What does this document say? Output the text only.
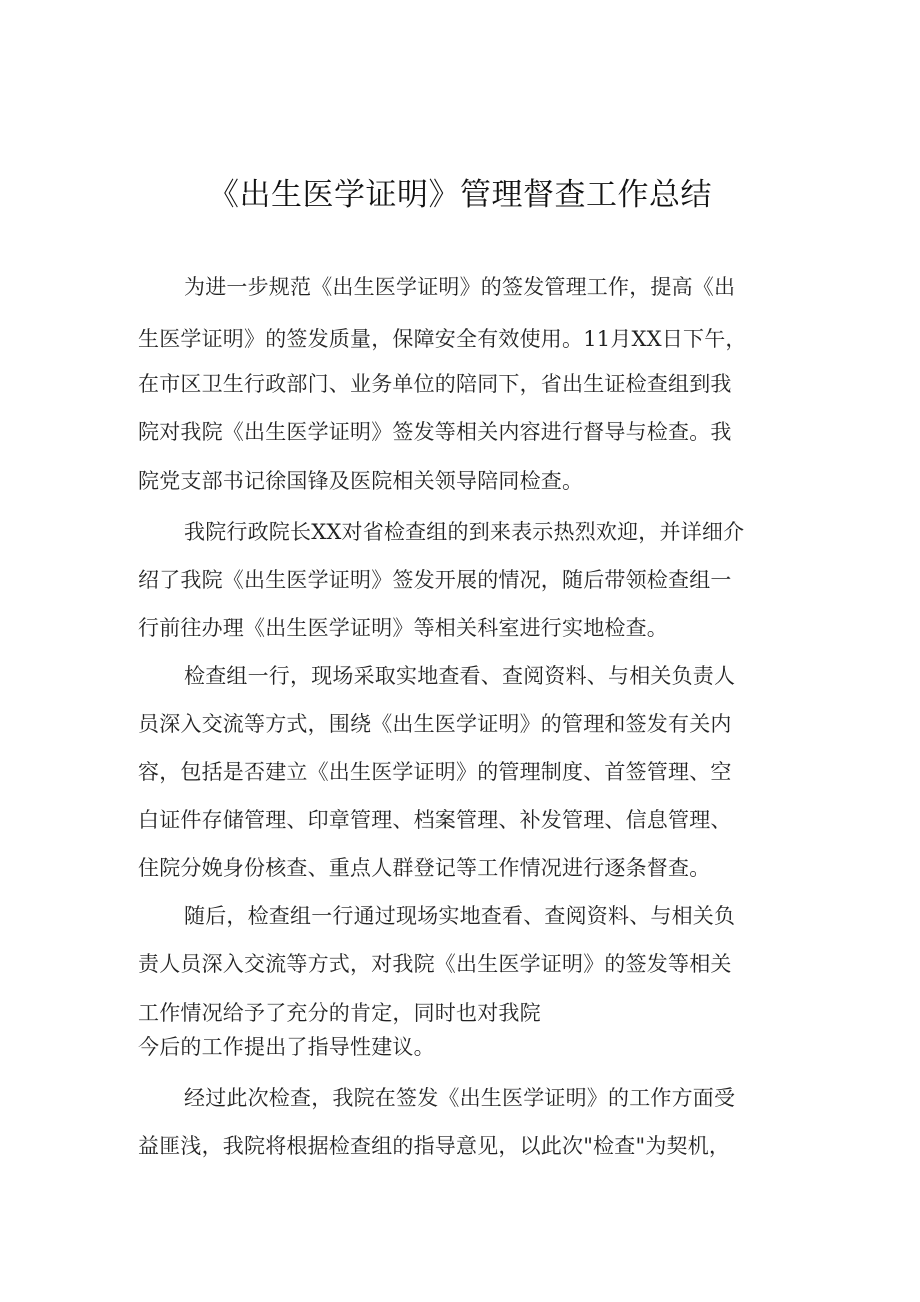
《出生医学证明》管理督查工作总结
为进一步规范《出生医学证明》的签发管理工作，提高《出
生医学证明》的签发质量，保障安全有效使用。11月XX日下午，
在市区卫生行政部门、业务单位的陪同下，省出生证检查组到我
院对我院《出生医学证明》签发等相关内容进行督导与检查。我
院党支部书记徐国锋及医院相关领导陪同检查。
我院行政院长XX对省检查组的到来表示热烈欢迎，并详细介
绍了我院《出生医学证明》签发开展的情况，随后带领检查组一
行前往办理《出生医学证明》等相关科室进行实地检查。
检查组一行，现场采取实地查看、查阅资料、与相关负责人
员深入交流等方式，围绕《出生医学证明》的管理和签发有关内
容，包括是否建立《出生医学证明》的管理制度、首签管理、空
白证件存储管理、印章管理、档案管理、补发管理、信息管理、
住院分娩身份核查、重点人群登记等工作情况进行逐条督查。
随后，检查组一行通过现场实地查看、查阅资料、与相关负
责人员深入交流等方式，对我院《出生医学证明》的签发等相关
工作情况给予了充分的肯定，同时也对我院
今后的工作提出了指导性建议。
经过此次检查，我院在签发《出生医学证明》的工作方面受
益匪浅，我院将根据检查组的指导意见，以此次"检查"为契机，
